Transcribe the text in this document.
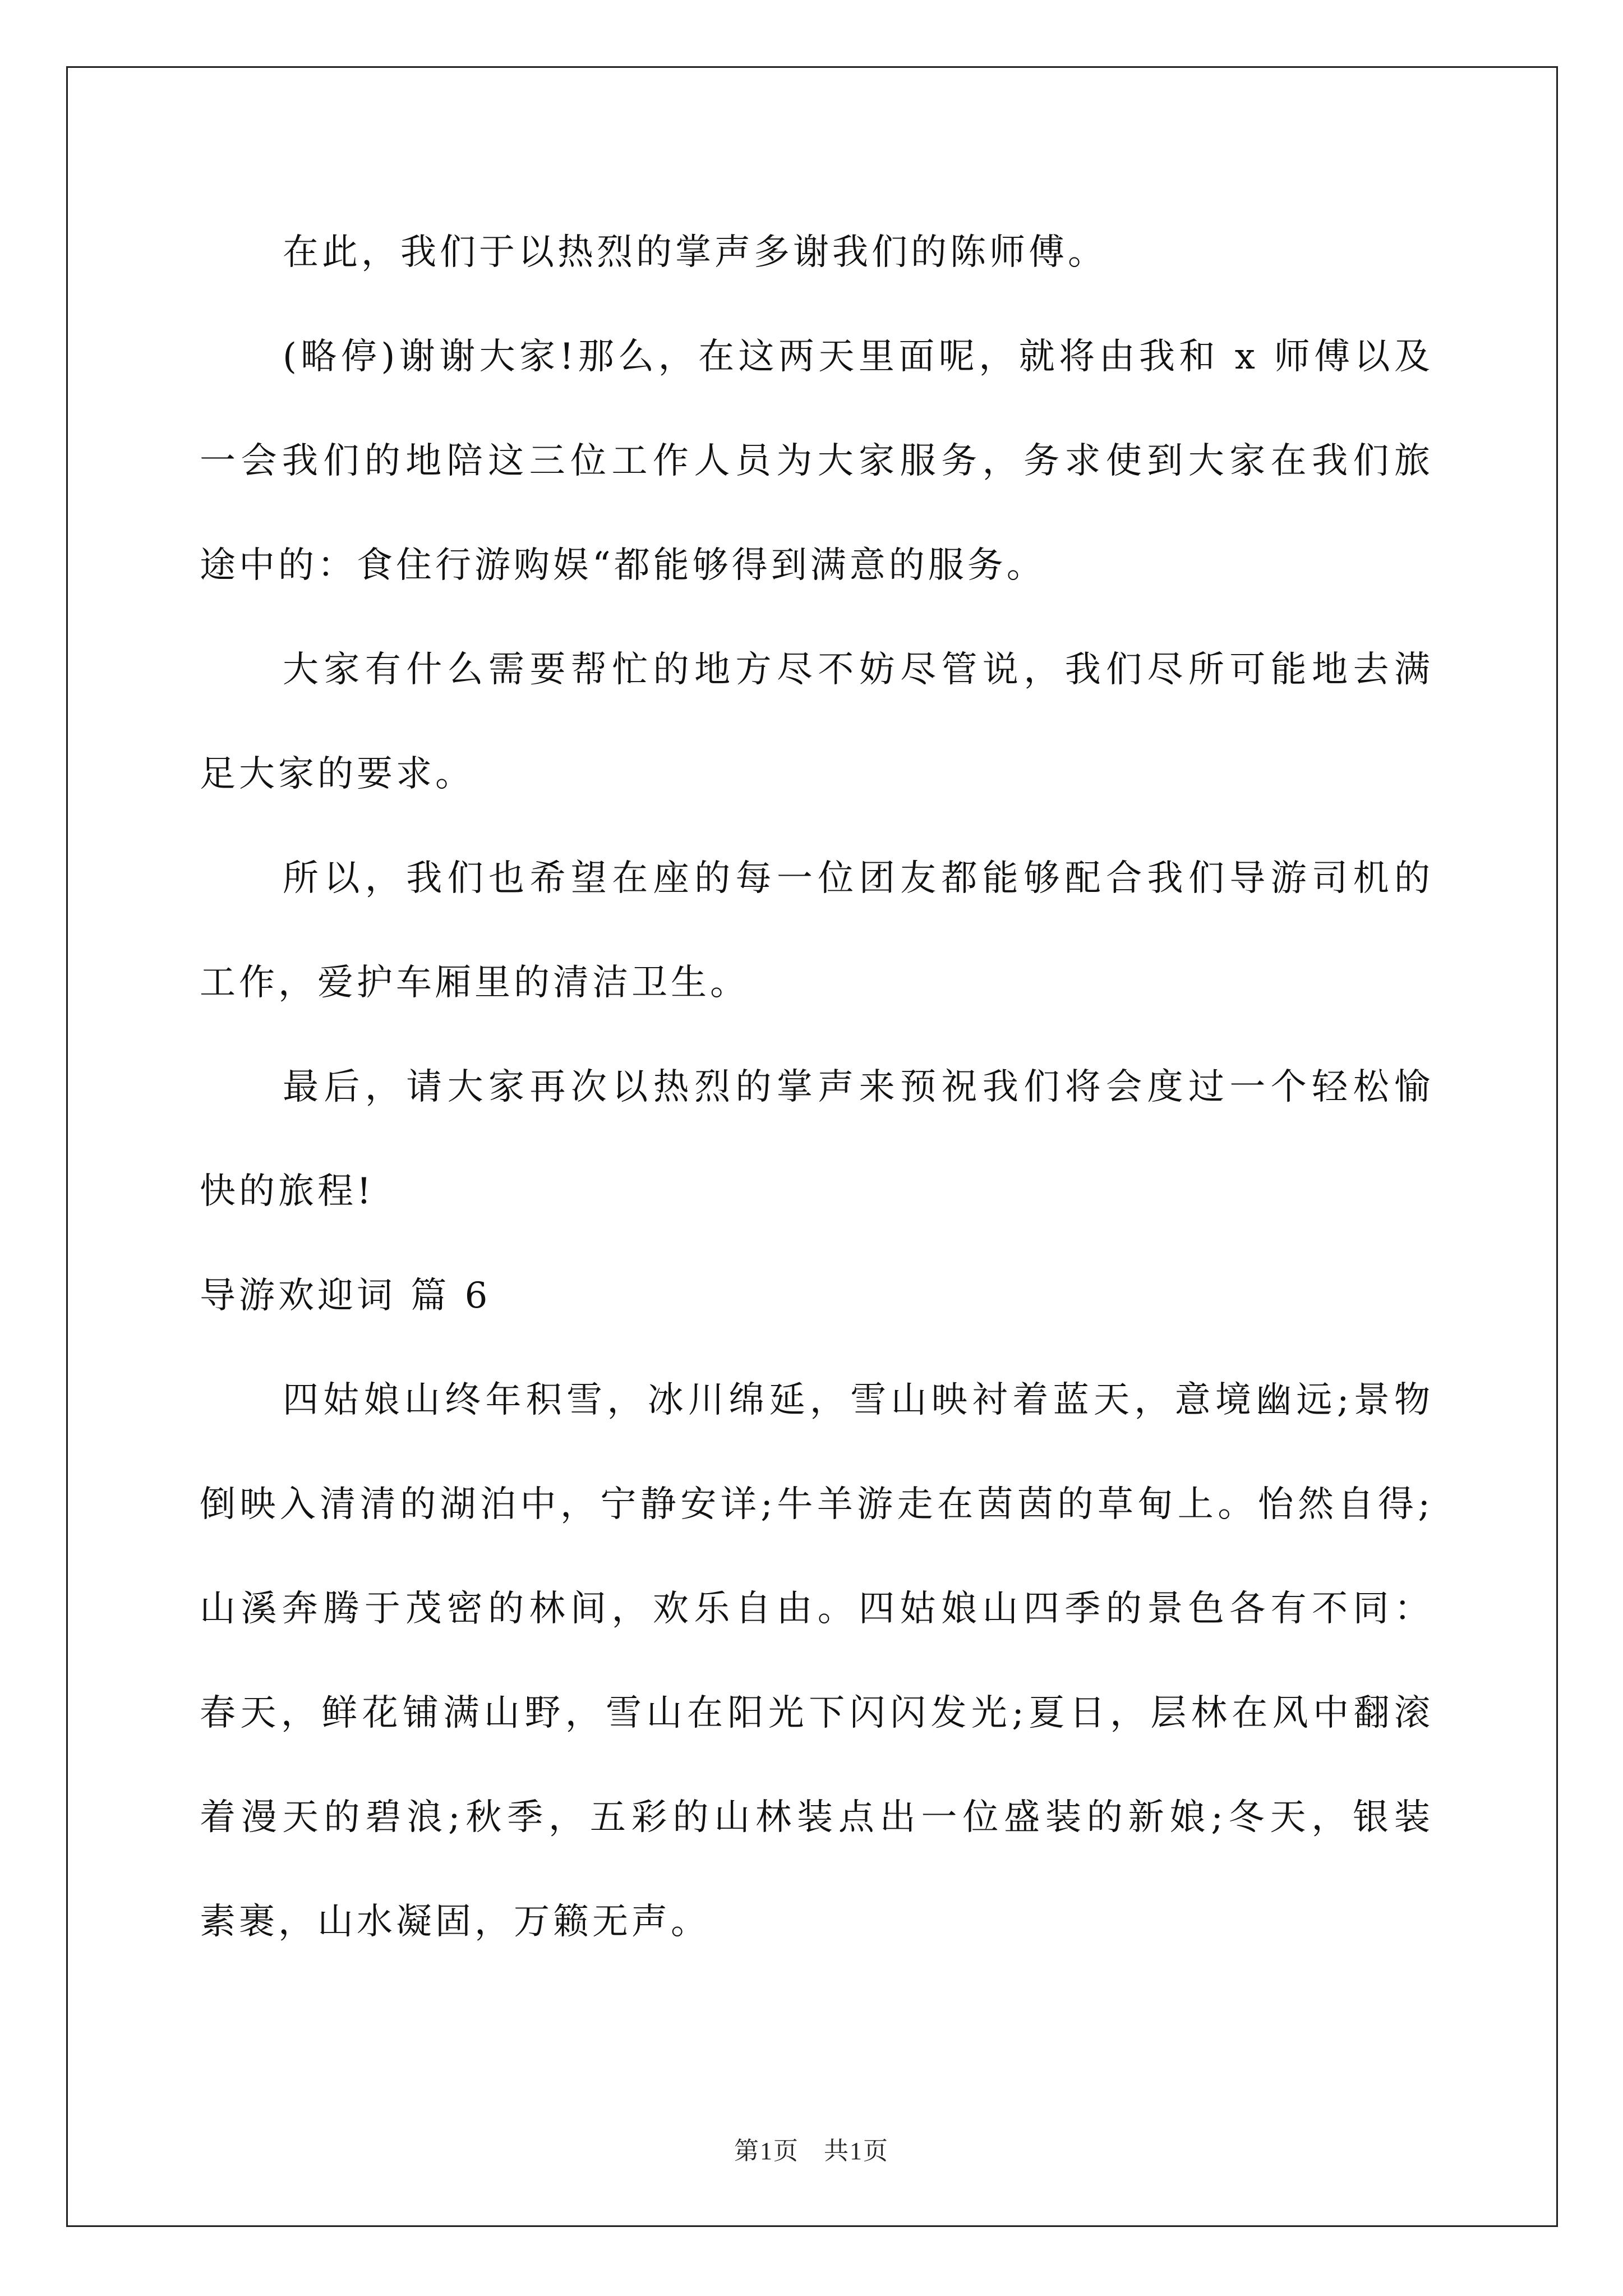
在此，我们于以热烈的掌声多谢我们的陈师傅。
(略停)谢谢大家!那么，在这两天里面呢，就将由我和 x 师傅以及
一会我们的地陪这三位工作人员为大家服务，务求使到大家在我们旅
途中的：食住行游购娱“都能够得到满意的服务。
大家有什么需要帮忙的地方尽不妨尽管说，我们尽所可能地去满
足大家的要求。
所以，我们也希望在座的每一位团友都能够配合我们导游司机的
工作，爱护车厢里的清洁卫生。
最后，请大家再次以热烈的掌声来预祝我们将会度过一个轻松愉
快的旅程!
导游欢迎词 篇 6
四姑娘山终年积雪，冰川绵延，雪山映衬着蓝天，意境幽远;景物
倒映入清清的湖泊中，宁静安详;牛羊游走在茵茵的草甸上。怡然自得;
山溪奔腾于茂密的林间，欢乐自由。四姑娘山四季的景色各有不同：
春天，鲜花铺满山野，雪山在阳光下闪闪发光;夏日，层林在风中翻滚
着漫天的碧浪;秋季，五彩的山林装点出一位盛装的新娘;冬天，银装
素裹，山水凝固，万籁无声。
第1页 共1页
